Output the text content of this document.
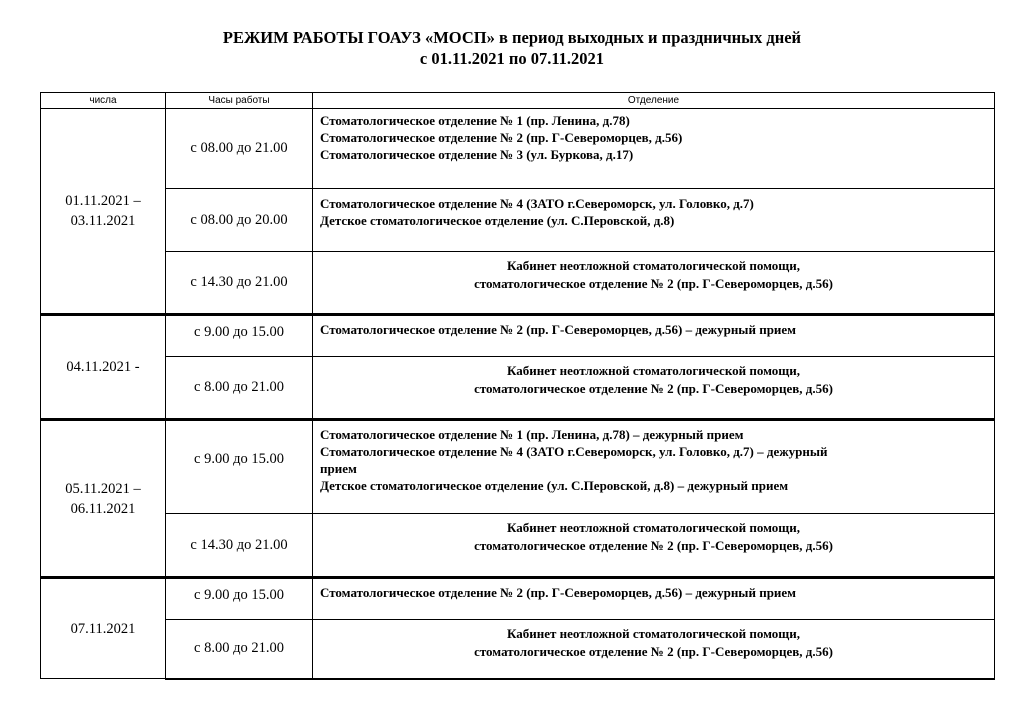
РЕЖИМ РАБОТЫ ГОАУЗ «МОСП» в период выходных и праздничных дней
с 01.11.2021 по 07.11.2021
числа	Часы работы	Отделение
01.11.2021 –
03.11.2021	с 08.00 до 21.00	Стоматологическое отделение № 1 (пр. Ленина, д.78)
Стоматологическое отделение № 2 (пр. Г-Североморцев, д.56)
Стоматологическое отделение № 3 (ул. Буркова, д.17)

	с 08.00 до 20.00	Стоматологическое отделение № 4 (ЗАТО г.Североморск, ул. Головко, д.7)
Детское стоматологическое отделение (ул. С.Перовской, д.8)

	с 14.30 до 21.00	Кабинет неотложной стоматологической помощи,
стоматологическое отделение № 2 (пр. Г-Североморцев, д.56)

04.11.2021 -	с 9.00 до 15.00	Стоматологическое отделение № 2 (пр. Г-Североморцев, д.56) – дежурный прием

	с 8.00 до 21.00	Кабинет неотложной стоматологической помощи,
стоматологическое отделение № 2 (пр. Г-Североморцев, д.56)

05.11.2021 –
06.11.2021	с 9.00 до 15.00	Стоматологическое отделение № 1 (пр. Ленина, д.78) – дежурный прием
Стоматологическое отделение № 4 (ЗАТО г.Североморск, ул. Головко, д.7) – дежурный
прием
Детское стоматологическое отделение (ул. С.Перовской, д.8) – дежурный прием

	с 14.30 до 21.00	Кабинет неотложной стоматологической помощи,
стоматологическое отделение № 2 (пр. Г-Североморцев, д.56)

07.11.2021	с 9.00 до 15.00	Стоматологическое отделение № 2 (пр. Г-Североморцев, д.56) – дежурный прием

	с 8.00 до 21.00	Кабинет неотложной стоматологической помощи,
стоматологическое отделение № 2 (пр. Г-Североморцев, д.56)
